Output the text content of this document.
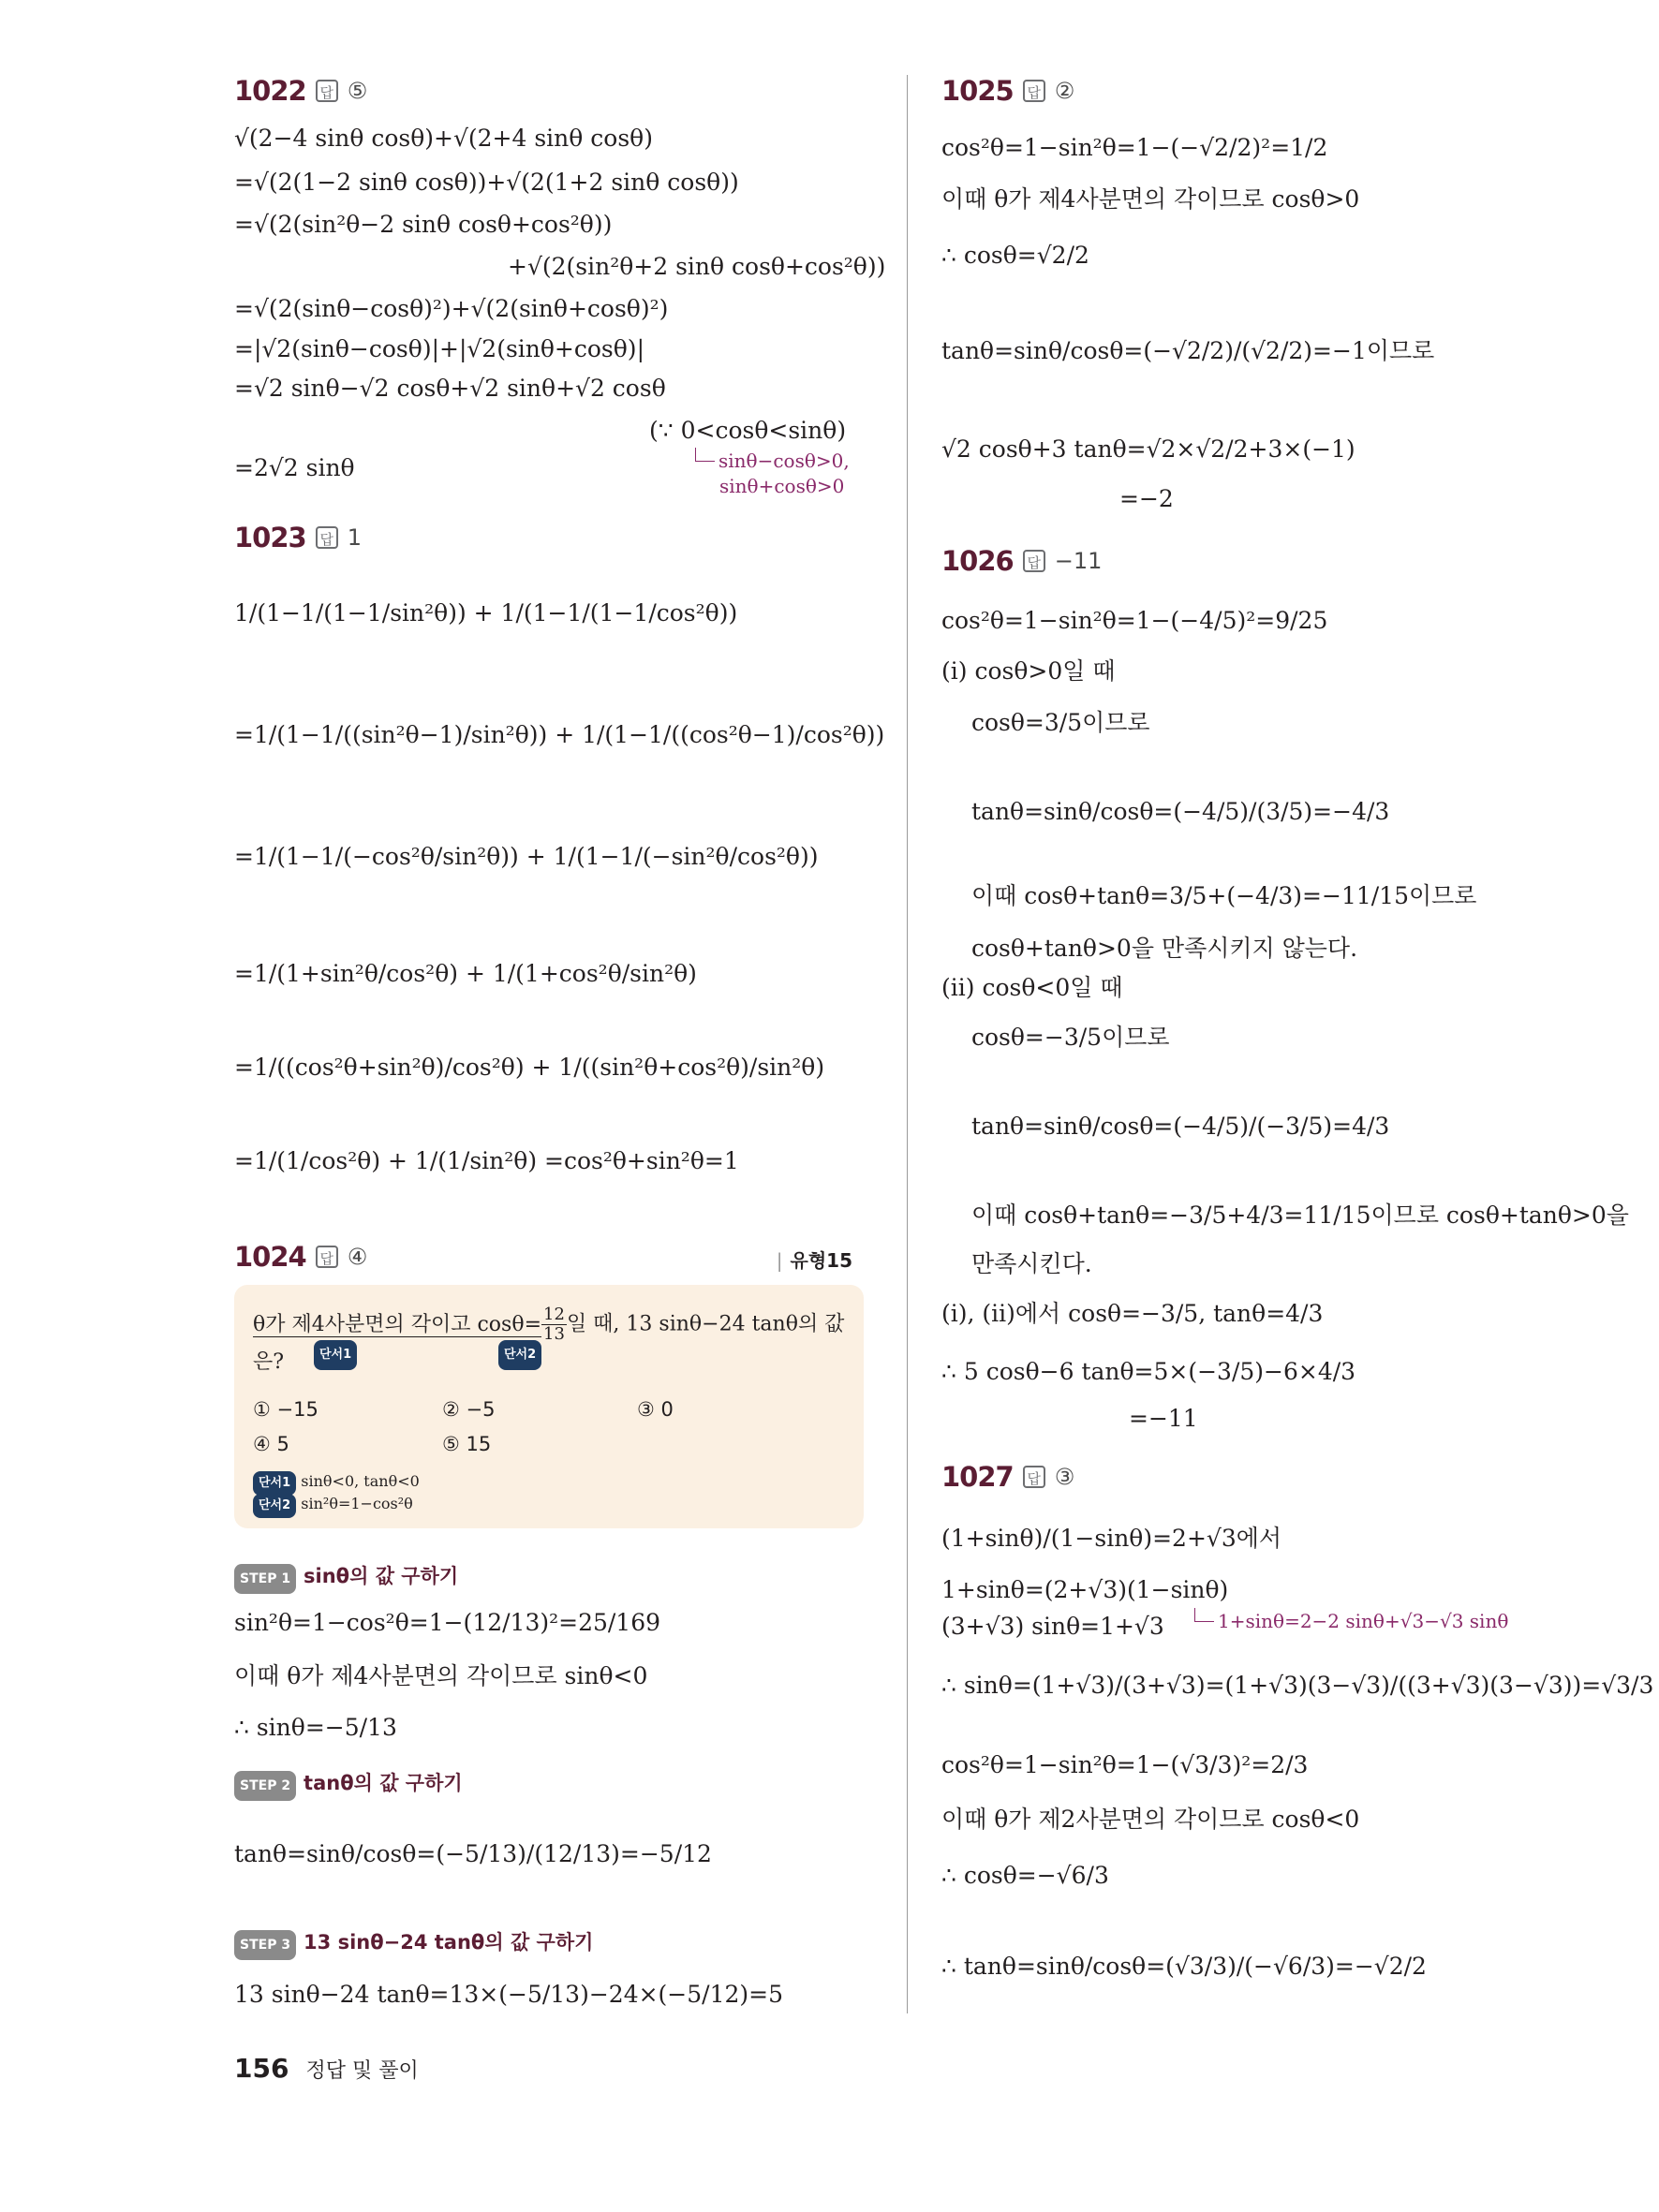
1022 답 ⑤
√(2−4 sinθ cosθ)+√(2+4 sinθ cosθ)
=√(2(1−2 sinθ cosθ))+√(2(1+2 sinθ cosθ))
=√(2(sin²θ−2 sinθ cosθ+cos²θ))
+√(2(sin²θ+2 sinθ cosθ+cos²θ))
=√(2(sinθ−cosθ)²)+√(2(sinθ+cosθ)²)
=|√2(sinθ−cosθ)|+|√2(sinθ+cosθ)|
=√2 sinθ−√2 cosθ+√2 sinθ+√2 cosθ
(∵ 0<cosθ<sinθ)
=2√2 sinθ	sinθ−cosθ>0,
sinθ+cosθ>0
1023 답 1
1/(1−1/(1−1/sin²θ)) + 1/(1−1/(1−1/cos²θ))
=1/(1−1/((sin²θ−1)/sin²θ)) + 1/(1−1/((cos²θ−1)/cos²θ))
=1/(1−1/(−cos²θ/sin²θ)) + 1/(1−1/(−sin²θ/cos²θ))
=1/(1+sin²θ/cos²θ) + 1/(1+cos²θ/sin²θ)
=1/((cos²θ+sin²θ)/cos²θ) + 1/((sin²θ+cos²θ)/sin²θ)
=1/(1/cos²θ) + 1/(1/sin²θ) =cos²θ+sin²θ=1
1024 답 ④	| 유형15
θ가 제4사분면의 각이고 $\cos\theta= \frac{12}{13}$ 일 때, 13 sinθ−24 tanθ의 값
단서1	단서2
은?
① −15	② −5	③ 0
④ 5	⑤ 15
단서1 sinθ<0, tanθ<0
단서2 sin²θ=1−cos²θ
STEP 1 sinθ의 값 구하기
sin²θ=1−cos²θ=1−(12/13)²=25/169
이때 θ가 제4사분면의 각이므로 sinθ<0
∴ sinθ=−5/13
STEP 2 tanθ의 값 구하기
tanθ=sinθ/cosθ=(−5/13)/(12/13)=−5/12
STEP 3 13 sinθ−24 tanθ의 값 구하기
13 sinθ−24 tanθ=13×(−5/13)−24×(−5/12)=5
1025 답 ②
cos²θ=1−sin²θ=1−(−√2/2)²=1/2
이때 θ가 제4사분면의 각이므로 cosθ>0
∴ cosθ=√2/2
tanθ=sinθ/cosθ=(−√2/2)/(√2/2)=−1이므로
√2 cosθ+3 tanθ=√2×√2/2+3×(−1)
=−2
1026 답 −11
cos²θ=1−sin²θ=1−(−4/5)²=9/25
(ⅰ) cosθ>0일 때
cosθ=3/5이므로
tanθ=sinθ/cosθ=(−4/5)/(3/5)=−4/3
이때 cosθ+tanθ=3/5+(−4/3)=−11/15이므로
cosθ+tanθ>0을 만족시키지 않는다.
(ⅱ) cosθ<0일 때
cosθ=−3/5이므로
tanθ=sinθ/cosθ=(−4/5)/(−3/5)=4/3
이때 cosθ+tanθ=−3/5+4/3=11/15이므로 cosθ+tanθ>0을
만족시킨다.
(ⅰ), (ⅱ)에서 cosθ=−3/5, tanθ=4/3
∴ 5 cosθ−6 tanθ=5×(−3/5)−6×4/3
=−11
1027 답 ③
(1+sinθ)/(1−sinθ)=2+√3에서
1+sinθ=(2+√3)(1−sinθ)
(3+√3) sinθ=1+√3	1+sinθ=2−2 sinθ+√3−√3 sinθ
∴ sinθ=(1+√3)/(3+√3)=(1+√3)(3−√3)/((3+√3)(3−√3))=√3/3
cos²θ=1−sin²θ=1−(√3/3)²=2/3
이때 θ가 제2사분면의 각이므로 cosθ<0
∴ cosθ=−√6/3
∴ tanθ=sinθ/cosθ=(√3/3)/(−√6/3)=−√2/2
156 정답 및 풀이
